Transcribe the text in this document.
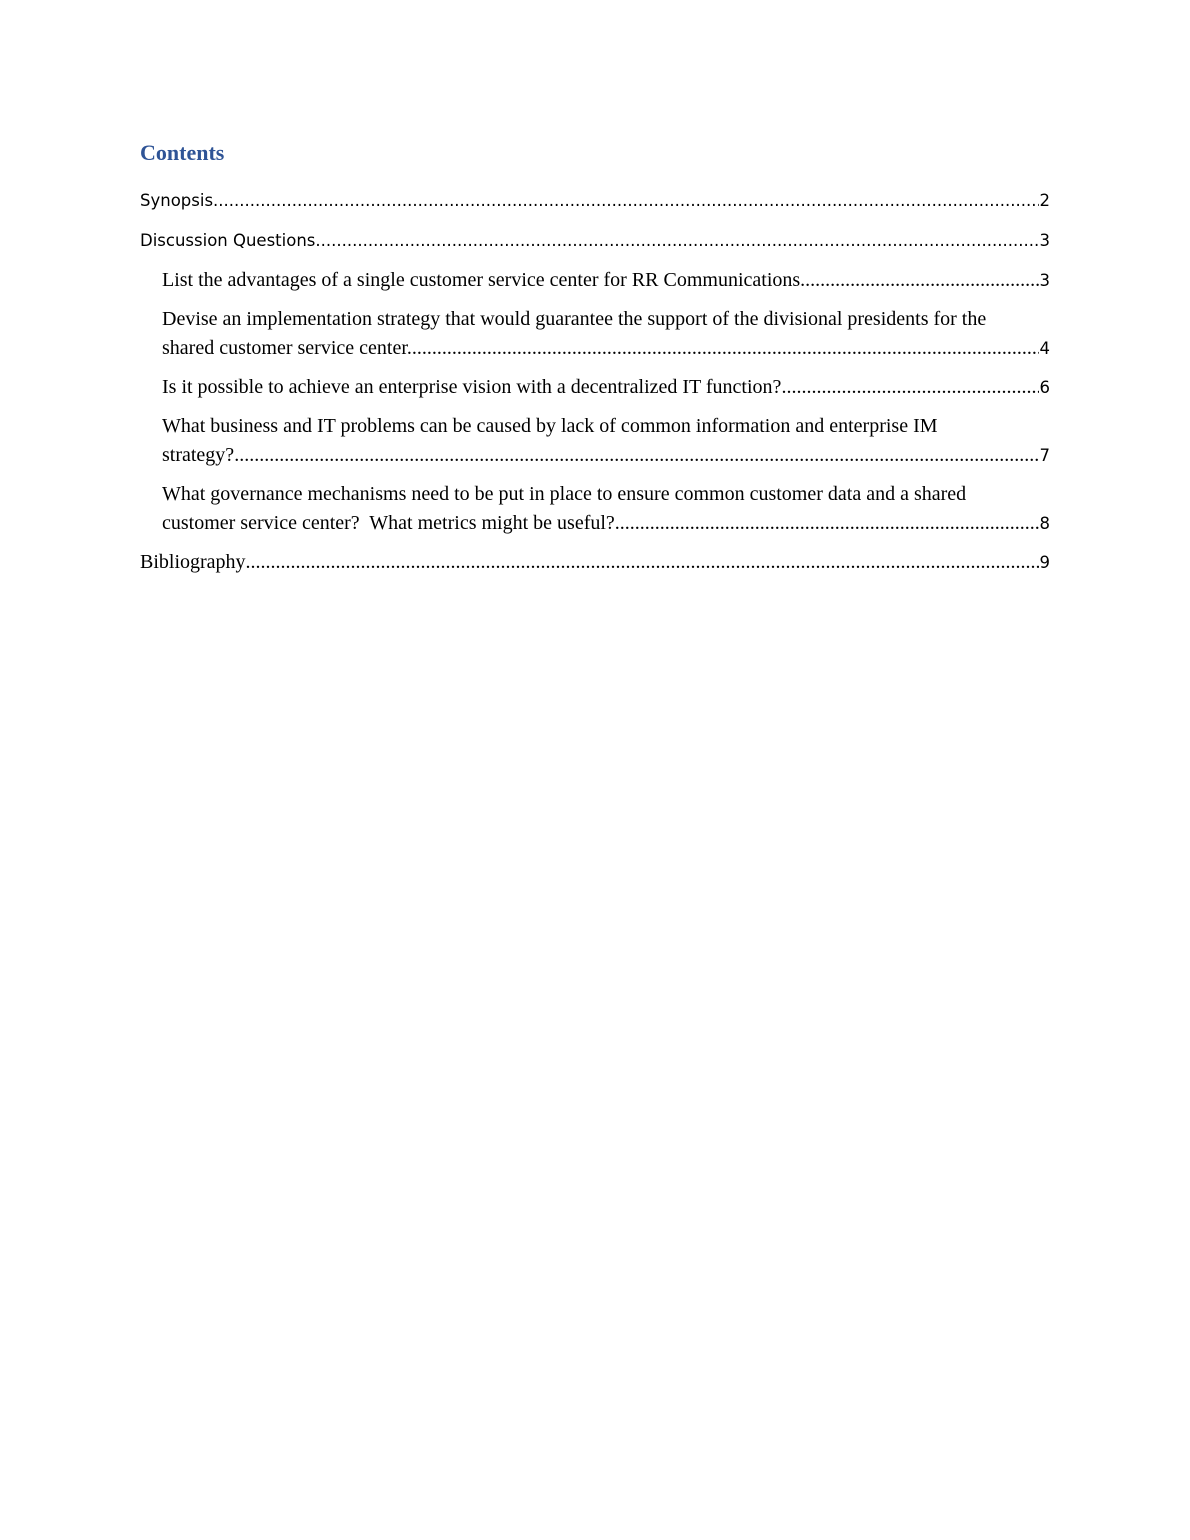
Contents
Synopsis .....	2
Discussion Questions .....	3
List the advantages of a single customer service center for RR Communications. .....	3
Devise an implementation strategy that would guarantee the support of the divisional presidents for the
shared customer service center. .....	4
Is it possible to achieve an enterprise vision with a decentralized IT function? .....	6
What business and IT problems can be caused by lack of common information and enterprise IM
strategy? .....	7
What governance mechanisms need to be put in place to ensure common customer data and a shared
customer service center?  What metrics might be useful? .....	8
Bibliography .....	9
